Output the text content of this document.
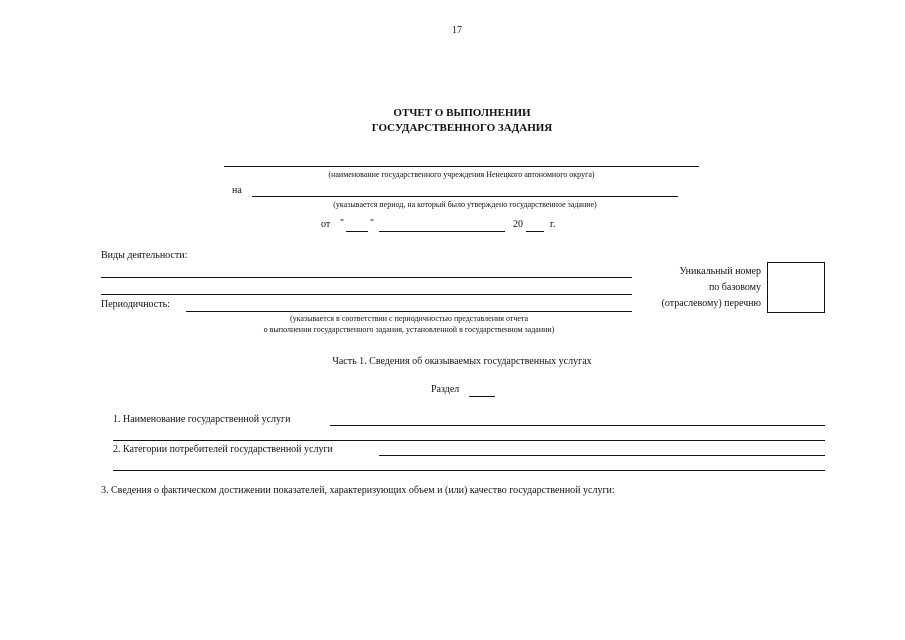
17
ОТЧЕТ О ВЫПОЛНЕНИИ
ГОСУДАРСТВЕННОГО ЗАДАНИЯ
(наименование государственного учреждения Ненецкого автономного округа)
на
(указывается период, на который было утверждено государственное задание)
от "	"	20	г.
Виды деятельности:
Периодичность:
(указывается в соответствии с периодичностью представления отчета
о выполнении государственного задания, установленной в государственном задании)
Уникальный номер
по базовому
(отраслевому) перечню
Часть 1. Сведения об оказываемых государственных услугах
Раздел
1. Наименование государственной услуги
2. Категории потребителей государственной услуги
3. Сведения о фактическом достижении показателей, характеризующих объем и (или) качество государственной услуги:
